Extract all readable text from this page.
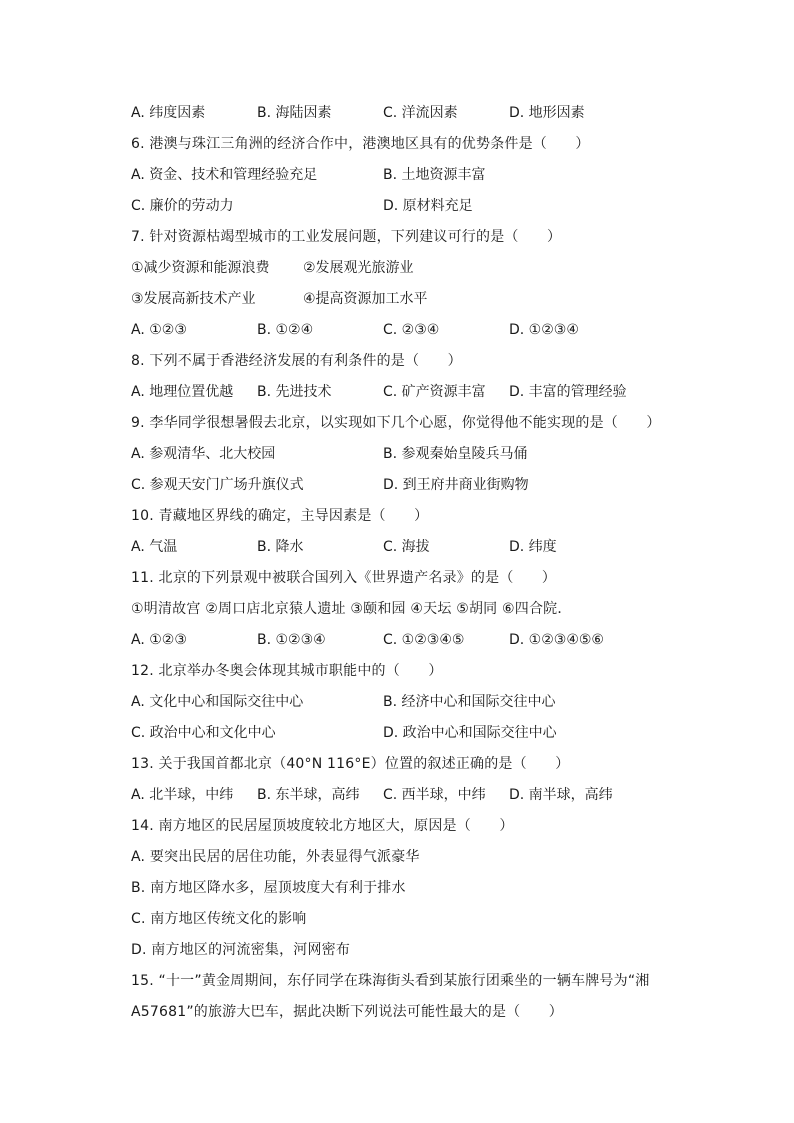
A. 纬度因素	B. 海陆因素	C. 洋流因素	D. 地形因素
6. 港澳与珠江三角洲的经济合作中，港澳地区具有的优势条件是（　　）
A. 资金、技术和管理经验充足	B. 土地资源丰富
C. 廉价的劳动力	D. 原材料充足
7. 针对资源枯竭型城市的工业发展问题，下列建议可行的是（　　）
①减少资源和能源浪费 ②发展观光旅游业
③发展高新技术产业	④提高资源加工水平
A. ①②③	B. ①②④	C. ②③④	D. ①②③④
8. 下列不属于香港经济发展的有利条件的是（　　）
A. 地理位置优越 B. 先进技术	C. 矿产资源丰富 D. 丰富的管理经验
9. 李华同学很想暑假去北京，以实现如下几个心愿，你觉得他不能实现的是（　　）
A. 参观清华、北大校园	B. 参观秦始皇陵兵马俑
C. 参观天安门广场升旗仪式	D. 到王府井商业街购物
10. 青藏地区界线的确定，主导因素是（　　）
A. 气温	B. 降水	C. 海拔	D. 纬度
11. 北京的下列景观中被联合国列入《世界遗产名录》的是（　　）
①明清故宫 ②周口店北京猿人遗址 ③颐和园 ④天坛 ⑤胡同 ⑥四合院．
A. ①②③	B. ①②③④	C. ①②③④⑤	D. ①②③④⑤⑥
12. 北京举办冬奥会体现其城市职能中的（　　）
A. 文化中心和国际交往中心	B. 经济中心和国际交往中心
C. 政治中心和文化中心	D. 政治中心和国际交往中心
13. 关于我国首都北京（40°N 116°E）位置的叙述正确的是（　　）
A. 北半球，中纬 B. 东半球，高纬 C. 西半球，中纬 D. 南半球，高纬
14. 南方地区的民居屋顶坡度较北方地区大，原因是（　　）
A. 要突出民居的居住功能，外表显得气派豪华
B. 南方地区降水多，屋顶坡度大有利于排水
C. 南方地区传统文化的影响
D. 南方地区的河流密集，河网密布
15. “十一”黄金周期间，东仔同学在珠海街头看到某旅行团乘坐的一辆车牌号为“湘
A57681”的旅游大巴车，据此决断下列说法可能性最大的是（　　）
